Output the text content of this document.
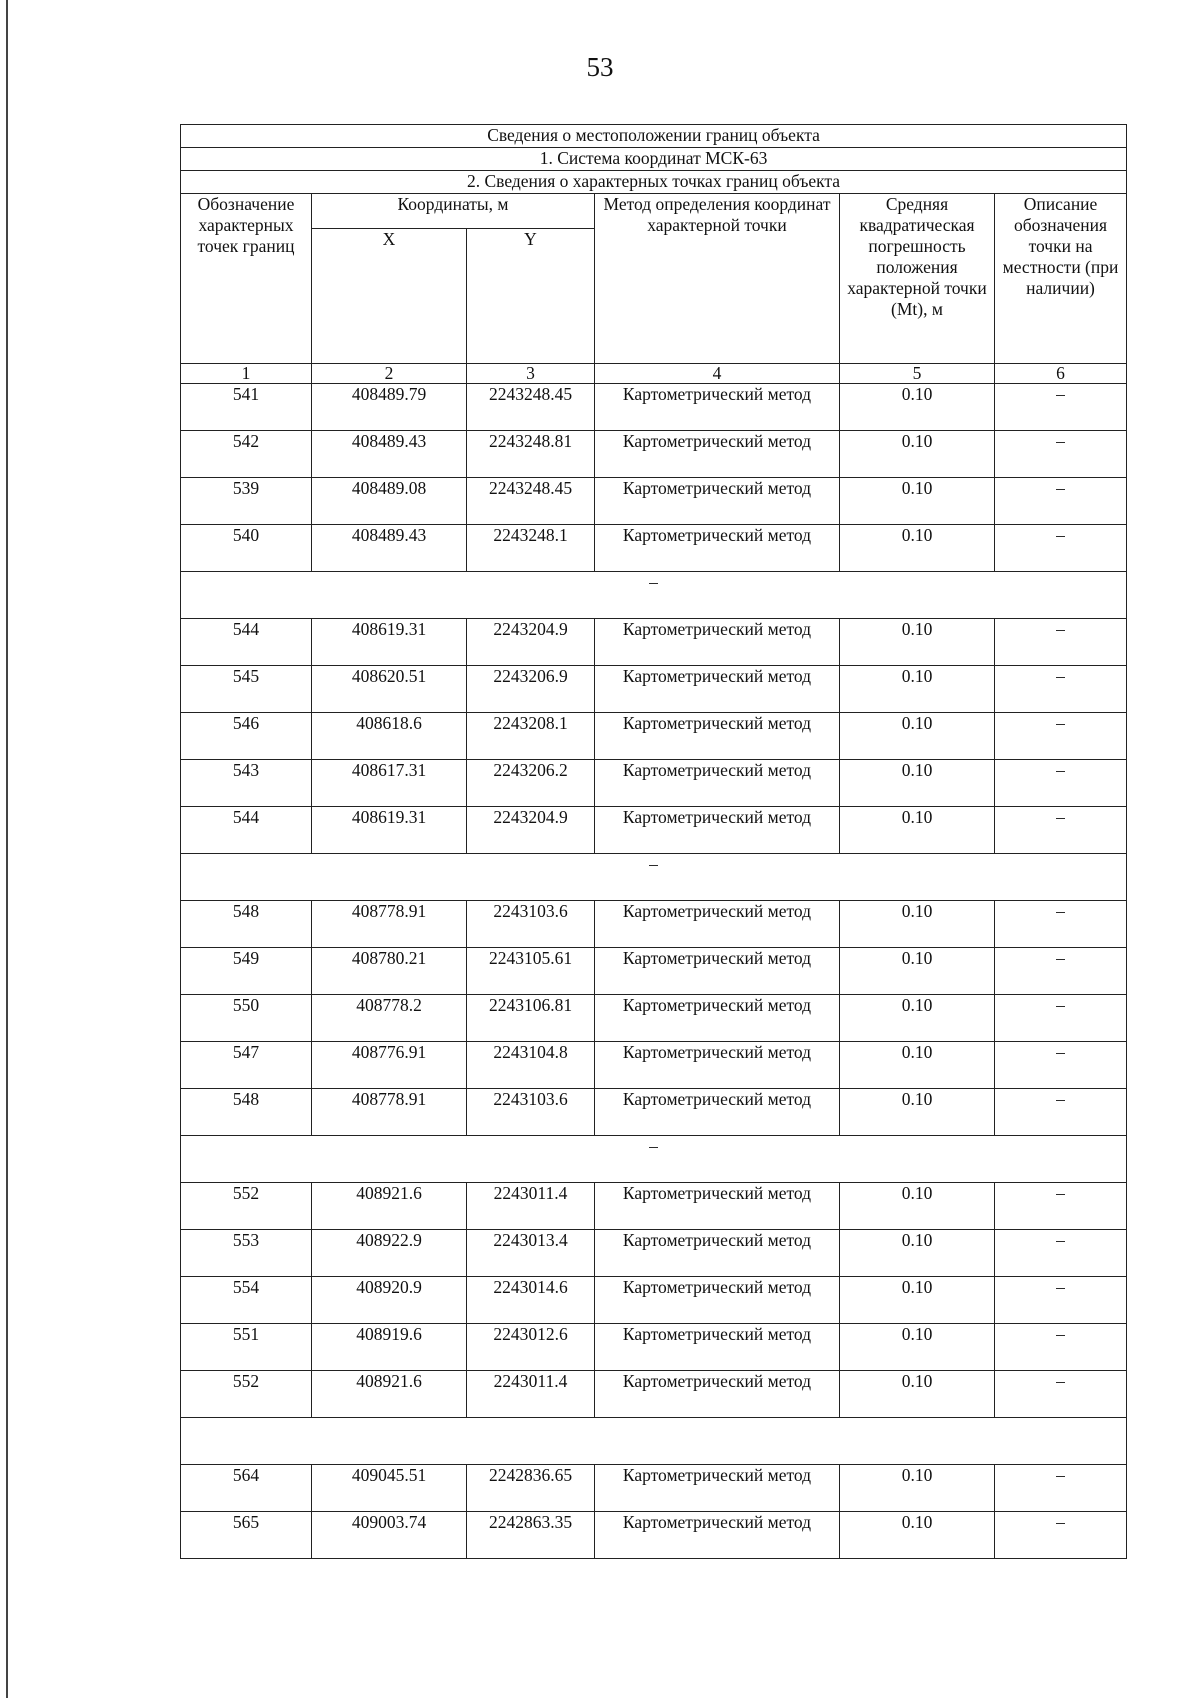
53
Сведения о местоположении границ объекта					
1. Система координат МСК-63					
2. Сведения о характерных точках границ объекта					
Обозначение характерных точек границ	Координаты, м		Метод определения координат характерной точки	Средняя квадратическая погрешность положения характерной точки (Mt), м	Описание обозначения точки на местности (при наличии)
	X	Y			
1	2	3	4	5	6
541	408489.79	2243248.45	Картометрический метод	0.10	–
542	408489.43	2243248.81	Картометрический метод	0.10	–
539	408489.08	2243248.45	Картометрический метод	0.10	–
540	408489.43	2243248.1	Картометрический метод	0.10	–
–					
544	408619.31	2243204.9	Картометрический метод	0.10	–
545	408620.51	2243206.9	Картометрический метод	0.10	–
546	408618.6	2243208.1	Картометрический метод	0.10	–
543	408617.31	2243206.2	Картометрический метод	0.10	–
544	408619.31	2243204.9	Картометрический метод	0.10	–
–					
548	408778.91	2243103.6	Картометрический метод	0.10	–
549	408780.21	2243105.61	Картометрический метод	0.10	–
550	408778.2	2243106.81	Картометрический метод	0.10	–
547	408776.91	2243104.8	Картометрический метод	0.10	–
548	408778.91	2243103.6	Картометрический метод	0.10	–
–					
552	408921.6	2243011.4	Картометрический метод	0.10	–
553	408922.9	2243013.4	Картометрический метод	0.10	–
554	408920.9	2243014.6	Картометрический метод	0.10	–
551	408919.6	2243012.6	Картометрический метод	0.10	–
552	408921.6	2243011.4	Картометрический метод	0.10	–

564	409045.51	2242836.65	Картометрический метод	0.10	–
565	409003.74	2242863.35	Картометрический метод	0.10	–
